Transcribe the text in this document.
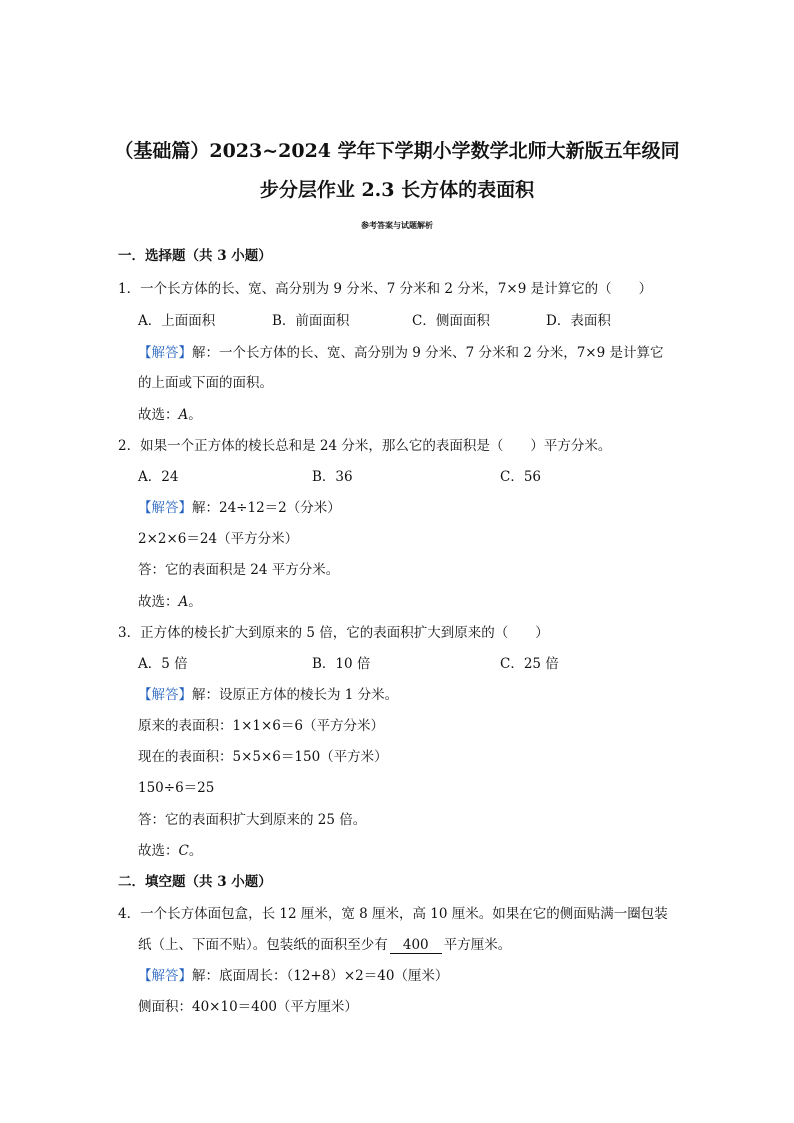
（基础篇）2023~2024 学年下学期小学数学北师大新版五年级同
步分层作业 2.3 长方体的表面积
参考答案与试题解析
一．选择题（共 3 小题）
1．一个长方体的长、宽、高分别为 9 分米、7 分米和 2 分米，7×9 是计算它的（　　）
A．上面面积	B．前面面积	C．侧面面积	D．表面积
【解答】解：一个长方体的长、宽、高分别为 9 分米、7 分米和 2 分米，7×9 是计算它
的上面或下面的面积。
故选：A。
2．如果一个正方体的棱长总和是 24 分米，那么它的表面积是（　　）平方分米。
A．24	B．36	C．56
【解答】解：24÷12＝2（分米）
2×2×6＝24（平方分米）
答：它的表面积是 24 平方分米。
故选：A。
3．正方体的棱长扩大到原来的 5 倍，它的表面积扩大到原来的（　　）
A．5 倍	B．10 倍	C．25 倍
【解答】解：设原正方体的棱长为 1 分米。
原来的表面积：1×1×6＝6（平方分米）
现在的表面积：5×5×6＝150（平方米）
150÷6＝25
答：它的表面积扩大到原来的 25 倍。
故选：C。
二．填空题（共 3 小题）
4．一个长方体面包盒，长 12 厘米，宽 8 厘米，高 10 厘米。如果在它的侧面贴满一圈包装
纸（上、下面不贴）。包装纸的面积至少有 400 平方厘米。
【解答】解：底面周长：（12+8）×2＝40（厘米）
侧面积：40×10＝400（平方厘米）
